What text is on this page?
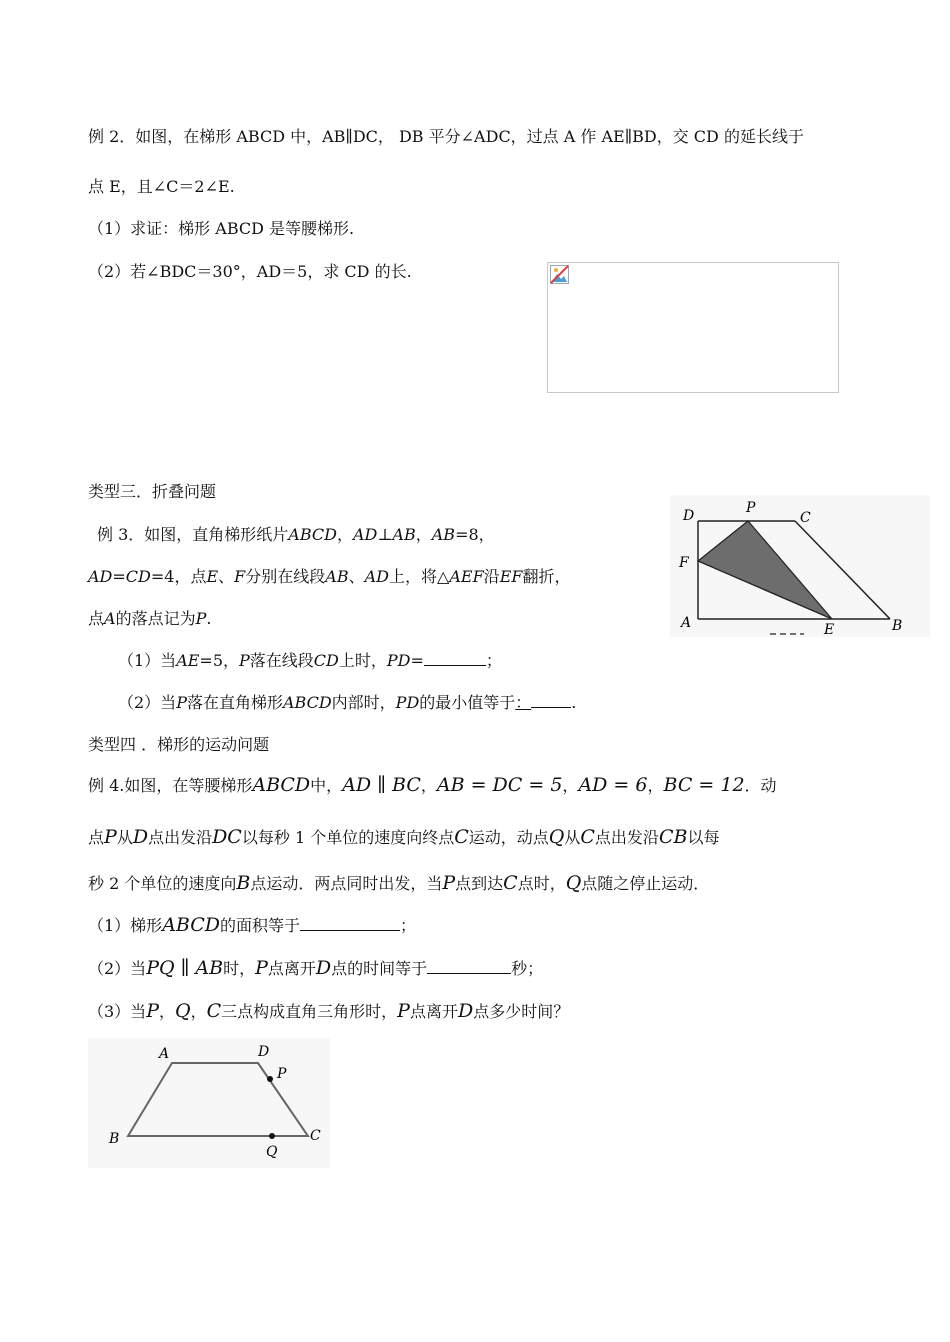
例 2．如图，在梯形 ABCD 中，AB∥DC， DB 平分∠ADC，过点 A 作 AE∥BD，交 CD 的延长线于
点 E，且∠C＝2∠E.
（1）求证：梯形 ABCD 是等腰梯形.
（2）若∠BDC＝30°，AD＝5，求 CD 的长.
类型三．折叠问题
例 3．如图，直角梯形纸片ABCD，AD⊥AB，AB=8，
AD=CD=4，点E、F分别在线段AB、AD上，将△AEF沿EF翻折，
点A的落点记为P.
（1）当AE=5，P落在线段CD上时，PD=	；
（2）当P落在直角梯形ABCD内部时，PD的最小值等于：	.
D	P
C
F
A	E	B
类型四 ．梯形的运动问题
例 4.如图，在等腰梯形ABCD中，AD ∥ BC，AB = DC = 5，AD = 6，BC = 12．动
点P从D点出发沿DC以每秒 1 个单位的速度向终点C运动，动点Q从C点出发沿CB以每
秒 2 个单位的速度向B点运动．两点同时出发，当P点到达C点时，Q点随之停止运动．
（1）梯形ABCD的面积等于	；
（2）当PQ ∥ AB时，P点离开D点的时间等于	秒；
（3）当P，Q，C三点构成直角三角形时，P点离开D点多少时间？
A	D
P
B
Q
C
